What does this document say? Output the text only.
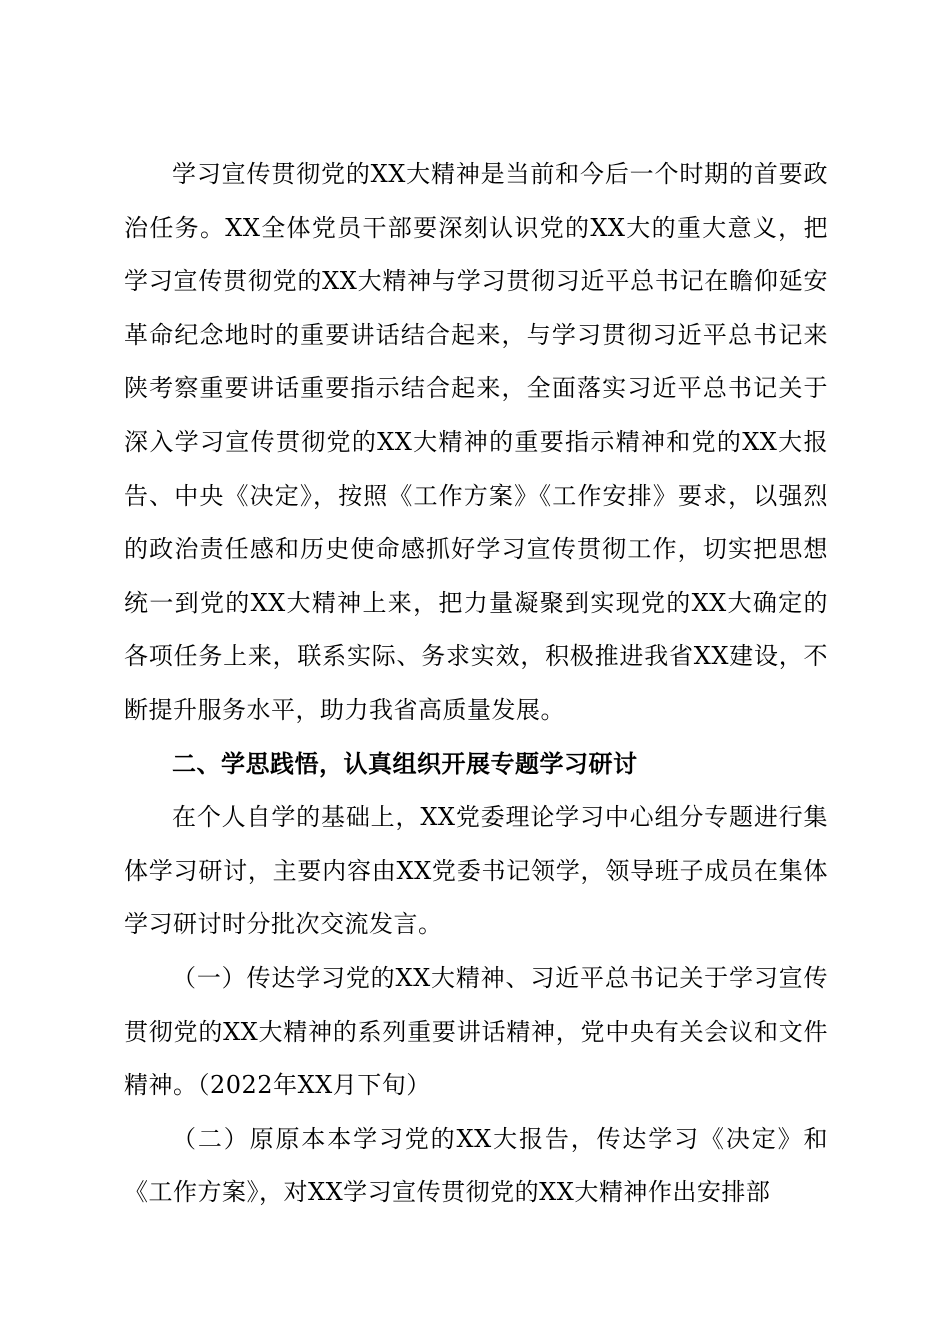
学习宣传贯彻党的XX大精神是当前和今后一个时期的首要政治任务。XX全体党员干部要深刻认识党的XX大的重大意义，把学习宣传贯彻党的XX大精神与学习贯彻习近平总书记在瞻仰延安革命纪念地时的重要讲话结合起来，与学习贯彻习近平总书记来陕考察重要讲话重要指示结合起来，全面落实习近平总书记关于深入学习宣传贯彻党的XX大精神的重要指示精神和党的XX大报告、中央《决定》，按照《工作方案》《工作安排》要求，以强烈的政治责任感和历史使命感抓好学习宣传贯彻工作，切实把思想统一到党的XX大精神上来，把力量凝聚到实现党的XX大确定的各项任务上来，联系实际、务求实效，积极推进我省XX建设，不断提升服务水平，助力我省高质量发展。

二、学思践悟，认真组织开展专题学习研讨

在个人自学的基础上，XX党委理论学习中心组分专题进行集体学习研讨，主要内容由XX党委书记领学，领导班子成员在集体学习研讨时分批次交流发言。

（一）传达学习党的XX大精神、习近平总书记关于学习宣传贯彻党的XX大精神的系列重要讲话精神，党中央有关会议和文件精神。（2022年XX月下旬）

（二）原原本本学习党的XX大报告，传达学习《决定》和《工作方案》，对XX学习宣传贯彻党的XX大精神作出安排部
